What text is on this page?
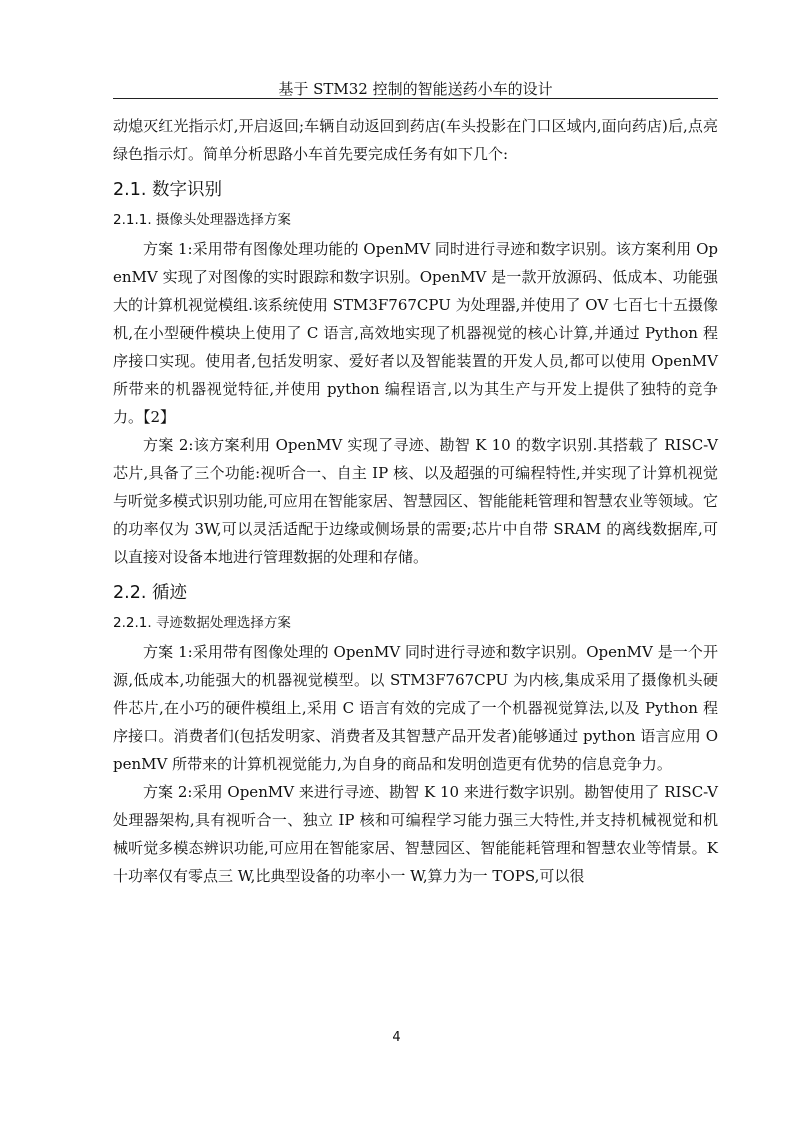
基于 STM32 控制的智能送药小车的设计

动熄灭红光指示灯,开启返回;车辆自动返回到药店(车头投影在门口区域内,面向药店)后,点亮绿色指示灯。简单分析思路小车首先要完成任务有如下几个:

2.1. 数字识别
2.1.1. 摄像头处理器选择方案

方案 1:采用带有图像处理功能的 OpenMV 同时进行寻迹和数字识别。该方案利用 OpenMV 实现了对图像的实时跟踪和数字识别。OpenMV 是一款开放源码、低成本、功能强大的计算机视觉模组.该系统使用 STM3F767CPU 为处理器,并使用了 OV 七百七十五摄像机,在小型硬件模块上使用了 C 语言,高效地实现了机器视觉的核心计算,并通过 Python 程序接口实现。使用者,包括发明家、爱好者以及智能装置的开发人员,都可以使用 OpenMV 所带来的机器视觉特征,并使用 python 编程语言,以为其生产与开发上提供了独特的竞争力。【2】

方案 2:该方案利用 OpenMV 实现了寻迹、勘智 K 10 的数字识别.其搭载了 RISC-V 芯片,具备了三个功能:视听合一、自主 IP 核、以及超强的可编程特性,并实现了计算机视觉与听觉多模式识别功能,可应用在智能家居、智慧园区、智能能耗管理和智慧农业等领域。它的功率仅为 3W,可以灵活适配于边缘或侧场景的需要;芯片中自带 SRAM 的离线数据库,可以直接对设备本地进行管理数据的处理和存储。

2.2. 循迹
2.2.1. 寻迹数据处理选择方案

方案 1:采用带有图像处理的 OpenMV 同时进行寻迹和数字识别。OpenMV 是一个开源,低成本,功能强大的机器视觉模型。以 STM3F767CPU 为内核,集成采用了摄像机头硬件芯片,在小巧的硬件模组上,采用 C 语言有效的完成了一个机器视觉算法,以及 Python 程序接口。消费者们(包括发明家、消费者及其智慧产品开发者)能够通过 python 语言应用 OpenMV 所带来的计算机视觉能力,为自身的商品和发明创造更有优势的信息竞争力。

方案 2:采用 OpenMV 来进行寻迹、勘智 K 10 来进行数字识别。勘智使用了 RISC-V 处理器架构,具有视听合一、独立 IP 核和可编程学习能力强三大特性,并支持机械视觉和机械听觉多模态辨识功能,可应用在智能家居、智慧园区、智能能耗管理和智慧农业等情景。K 十功率仅有零点三 W,比典型设备的功率小一 W,算力为一 TOPS,可以很

4
